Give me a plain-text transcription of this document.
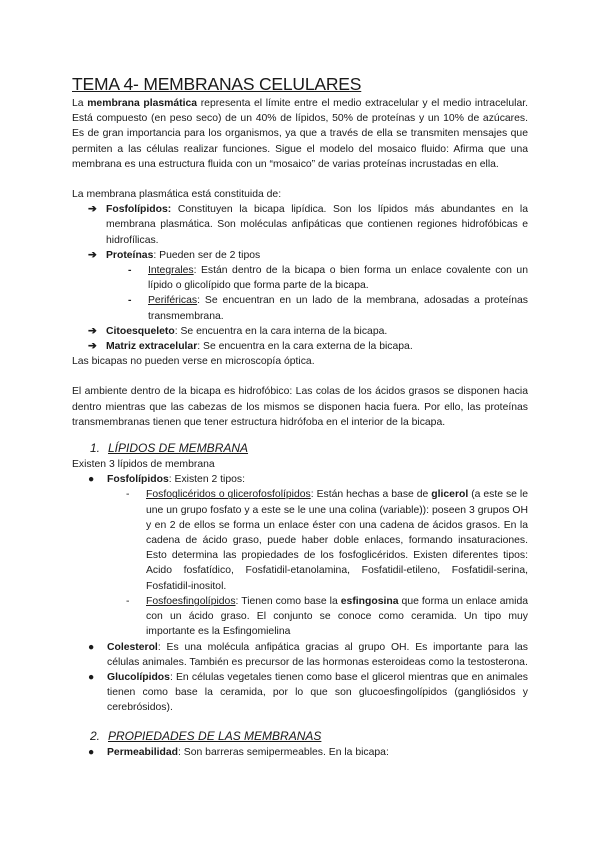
TEMA 4- MEMBRANAS CELULARES

La membrana plasmática representa el límite entre el medio extracelular y el medio intracelular. Está compuesto (en peso seco) de un 40% de lípidos, 50% de proteínas y un 10% de azúcares. Es de gran importancia para los organismos, ya que a través de ella se transmiten mensajes que permiten a las células realizar funciones. Sigue el modelo del mosaico fluido: Afirma que una membrana es una estructura fluida con un “mosaico” de varias proteínas incrustadas en ella.

La membrana plasmática está constituida de:

➔ Fosfolípidos: Constituyen la bicapa lipídica. Son los lípidos más abundantes en la membrana plasmática. Son moléculas anfipáticas que contienen regiones hidrofóbicas e hidrofílicas.
➔ Proteínas: Pueden ser de 2 tipos
- Integrales: Están dentro de la bicapa o bien forma un enlace covalente con un lípido o glicolípido que forma parte de la bicapa.
- Periféricas: Se encuentran en un lado de la membrana, adosadas a proteínas transmembrana.
➔ Citoesqueleto: Se encuentra en la cara interna de la bicapa.
➔ Matriz extracelular: Se encuentra en la cara externa de la bicapa.

Las bicapas no pueden verse en microscopía óptica.

El ambiente dentro de la bicapa es hidrofóbico: Las colas de los ácidos grasos se disponen hacia dentro mientras que las cabezas de los mismos se disponen hacia fuera. Por ello, las proteínas transmembranas tienen que tener estructura hidrófoba en el interior de la bicapa.

1. LÍPIDOS DE MEMBRANA

Existen 3 lípidos de membrana

● Fosfolípidos: Existen 2 tipos:
- Fosfoglicéridos o glicerofosfolípidos: Están hechas a base de glicerol (a este se le une un grupo fosfato y a este se le une una colina (variable)): poseen 3 grupos OH y en 2 de ellos se forma un enlace éster con una cadena de ácidos grasos. En la cadena de ácido graso, puede haber doble enlaces, formando insaturaciones. Esto determina las propiedades de los fosfoglicéridos. Existen diferentes tipos: Acido fosfatídico, Fosfatidil-etanolamina, Fosfatidil-etileno, Fosfatidil-serina, Fosfatidil-inositol.
- Fosfoesfingolípidos: Tienen como base la esfingosina que forma un enlace amida con un ácido graso. El conjunto se conoce como ceramida. Un tipo muy importante es la Esfingomielina
● Colesterol: Es una molécula anfipática gracias al grupo OH. Es importante para las células animales. También es precursor de las hormonas esteroideas como la testosterona.
● Glucolípidos: En células vegetales tienen como base el glicerol mientras que en animales tienen como base la ceramida, por lo que son glucoesfingolípidos (gangliósidos y cerebrósidos).
2. PROPIEDADES DE LAS MEMBRANAS
● Permeabilidad: Son barreras semipermeables. En la bicapa:
